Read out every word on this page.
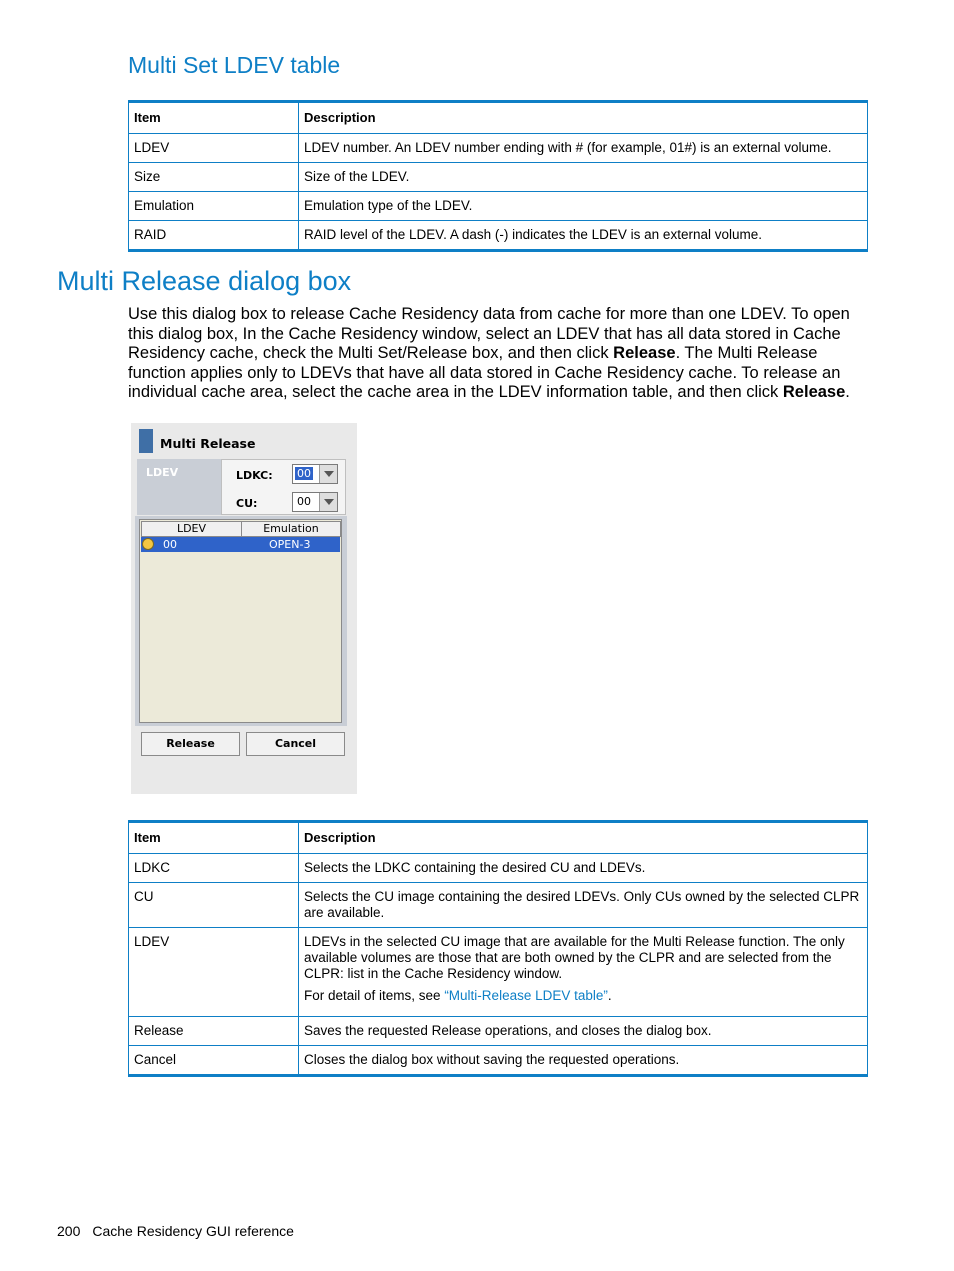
Multi Set LDEV table
Item	Description
LDEV	LDEV number. An LDEV number ending with # (for example, 01#) is an external volume.
Size	Size of the LDEV.
Emulation	Emulation type of the LDEV.
RAID	RAID level of the LDEV. A dash (-) indicates the LDEV is an external volume.
Multi Release dialog box

Use this dialog box to release Cache Residency data from cache for more than one LDEV. To open this dialog box, In the Cache Residency window, select an LDEV that has all data stored in Cache Residency cache, check the Multi Set/Release box, and then click Release. The Multi Release function applies only to LDEVs that have all data stored in Cache Residency cache. To release an individual cache area, select the cache area in the LDEV information table, and then click Release.

Multi Release
LDEV	LDKC: 00
CU:	00
LDEV	Emulation
00	OPEN-3
Release	Cancel
Item	Description
LDKC	Selects the LDKC containing the desired CU and LDEVs.
CU	Selects the CU image containing the desired LDEVs. Only CUs owned by the selected CLPR are available.
LDEV	LDEVs in the selected CU image that are available for the Multi Release function. The only available volumes are those that are both owned by the CLPR and are selected from the CLPR: list in the Cache Residency window.

For detail of items, see “Multi-Release LDEV table”.

Release	Saves the requested Release operations, and closes the dialog box.
Cancel	Closes the dialog box without saving the requested operations.
200 Cache Residency GUI reference
